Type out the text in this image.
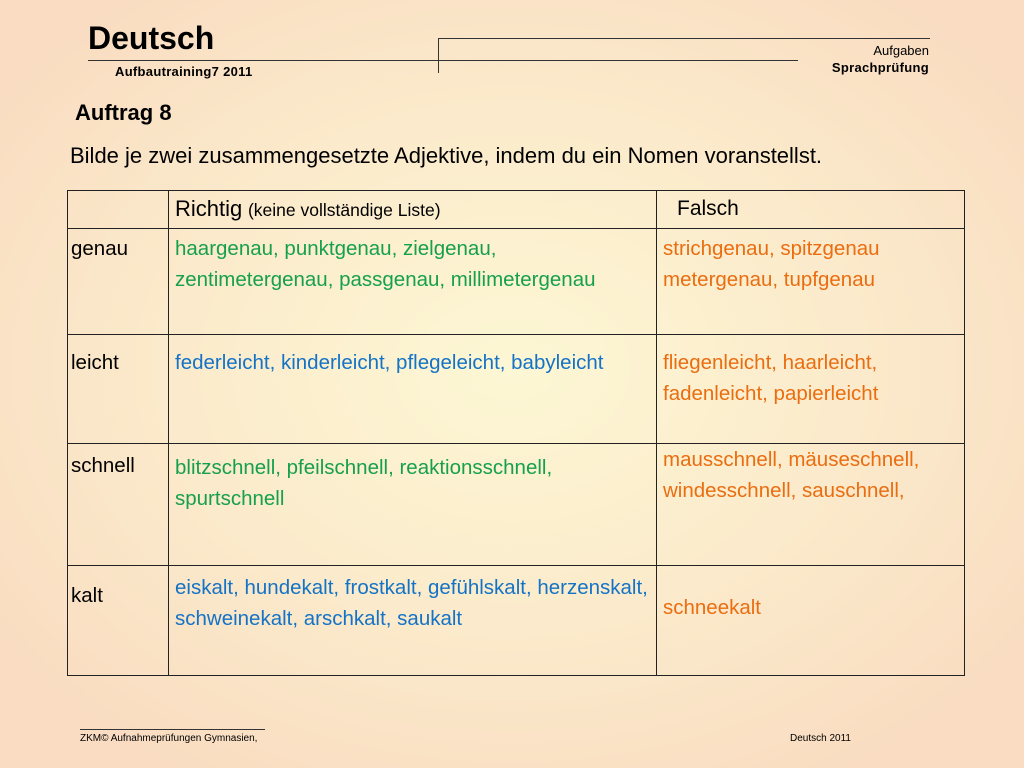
Deutsch
Aufbautraining7 2011
Aufgaben
Sprachprüfung
Auftrag 8
Bilde je zwei zusammengesetzte Adjektive, indem du ein Nomen voranstellst.
	Richtig (keine vollständige Liste)	Falsch
genau	haargenau, punktgenau, zielgenau, zentimetergenau, passgenau, millimetergenau	strichgenau, spitzgenau metergenau, tupfgenau
leicht	federleicht, kinderleicht, pflegeleicht, babyleicht	fliegenleicht, haarleicht, fadenleicht, papierleicht
schnell	blitzschnell, pfeilschnell, reaktionsschnell, spurtschnell	mausschnell, mäuseschnell, windesschnell, sauschnell,
kalt	eiskalt, hundekalt, frostkalt, gefühlskalt, herzenskalt, schweinekalt, arschkalt, saukalt	schneekalt
ZKM© Aufnahmeprüfungen Gymnasien,	Deutsch 2011
